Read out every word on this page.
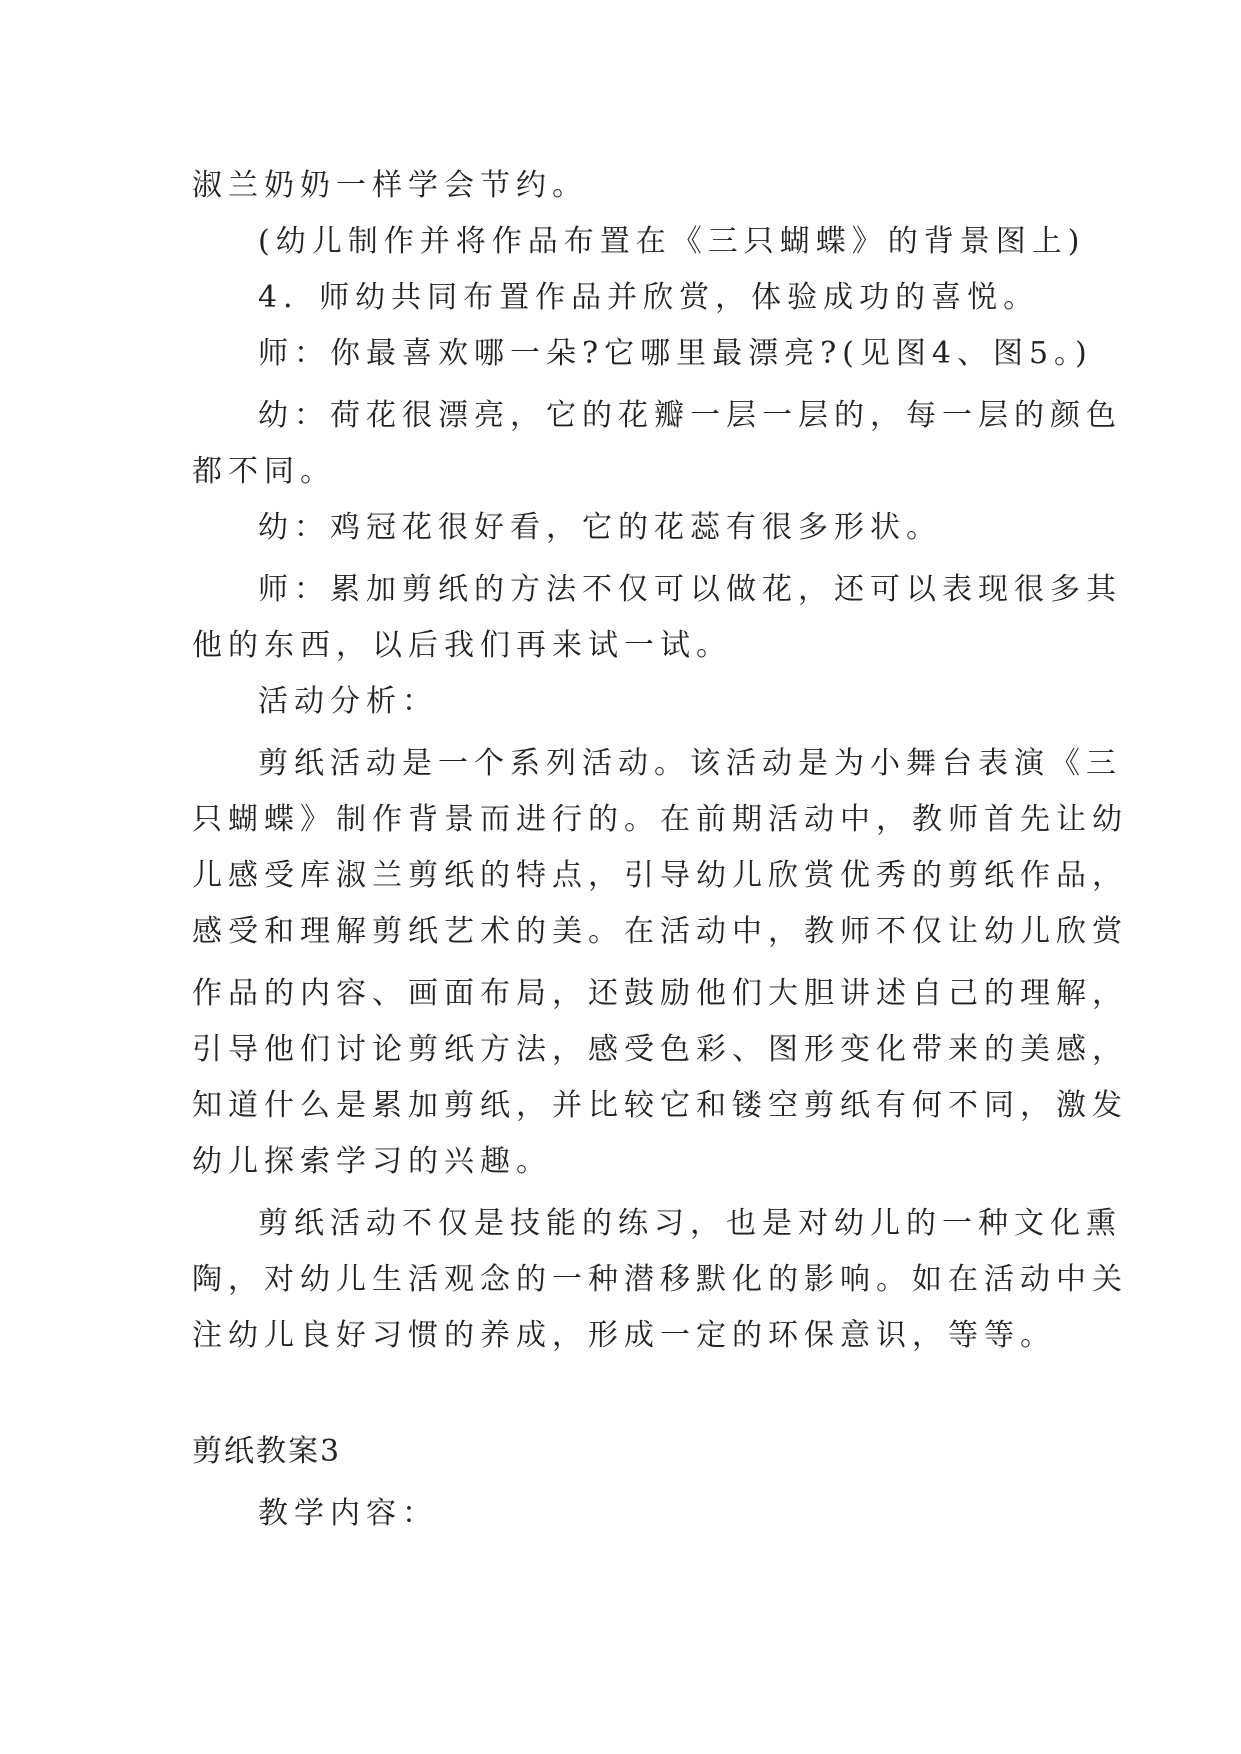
淑兰奶奶一样学会节约。
(幼儿制作并将作品布置在《三只蝴蝶》的背景图上)
4．师幼共同布置作品并欣赏，体验成功的喜悦。
师：你最喜欢哪一朵?它哪里最漂亮?(见图4、图5。)
幼：荷花很漂亮，它的花瓣一层一层的，每一层的颜色
都不同。
幼：鸡冠花很好看，它的花蕊有很多形状。
师：累加剪纸的方法不仅可以做花，还可以表现很多其
他的东西，以后我们再来试一试。
活动分析：
剪纸活动是一个系列活动。该活动是为小舞台表演《三
只蝴蝶》制作背景而进行的。在前期活动中，教师首先让幼
儿感受库淑兰剪纸的特点，引导幼儿欣赏优秀的剪纸作品，
感受和理解剪纸艺术的美。在活动中，教师不仅让幼儿欣赏
作品的内容、画面布局，还鼓励他们大胆讲述自己的理解，
引导他们讨论剪纸方法，感受色彩、图形变化带来的美感，
知道什么是累加剪纸，并比较它和镂空剪纸有何不同，激发
幼儿探索学习的兴趣。
剪纸活动不仅是技能的练习，也是对幼儿的一种文化熏
陶，对幼儿生活观念的一种潜移默化的影响。如在活动中关
注幼儿良好习惯的养成，形成一定的环保意识，等等。
剪纸教案3
教学内容：
